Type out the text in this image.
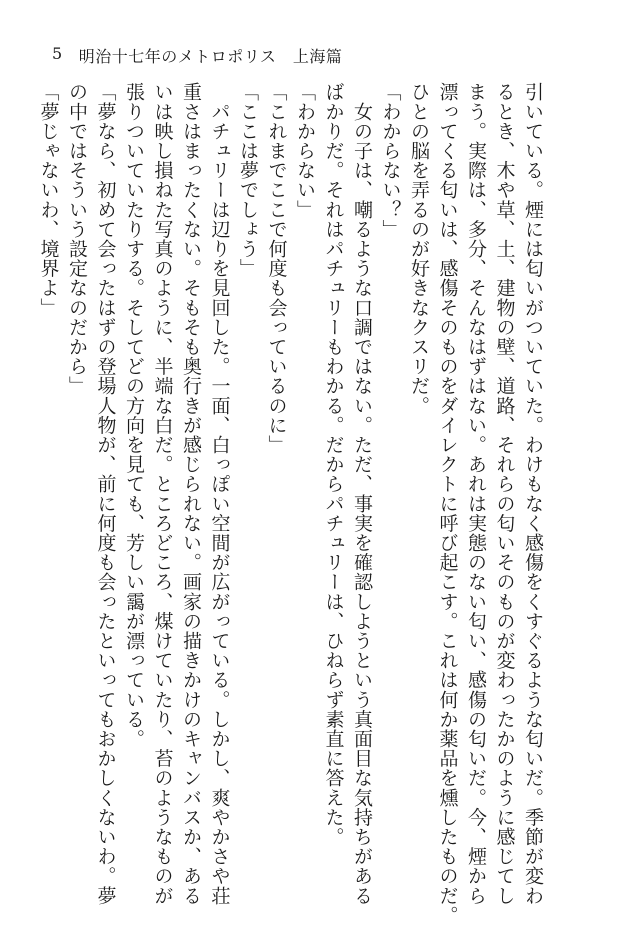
5 明治十七年のメトロポリス　上海篇

引いている。煙には匂いがついていた。わけもなく感傷をくすぐるような匂いだ。季節が変わ

るとき、木や草、土、建物の壁、道路、それらの匂いそのものが変わったかのように感じてし

まう。実際は、多分、そんなはずはない。あれは実態のない匂い、感傷の匂いだ。今、煙から

漂ってくる匂いは、感傷そのものをダイレクトに呼び起こす。これは何か薬品を燻したものだ。

ひとの脳を弄るのが好きなクスリだ。

「わからない？」

　女の子は、嘲るような口調ではない。ただ、事実を確認しようという真面目な気持ちがある

ばかりだ。それはパチュリーもわかる。だからパチュリーは、ひねらず素直に答えた。

「わからない」

「これまでここで何度も会っているのに」

「ここは夢でしょう」

　パチュリーは辺りを見回した。一面、白っぽい空間が広がっている。しかし、爽やかさや荘

重さはまったくない。そもそも奥行きが感じられない。画家の描きかけのキャンバスか、ある

いは映し損ねた写真のように、半端な白だ。ところどころ、煤けていたり、苔のようなものが

張りついていたりする。そしてどの方向を見ても、芳しい靄が漂っている。

「夢なら、初めて会ったはずの登場人物が、前に何度も会ったといってもおかしくないわ。夢

の中ではそういう設定なのだから」

「夢じゃないわ、境界よ」
